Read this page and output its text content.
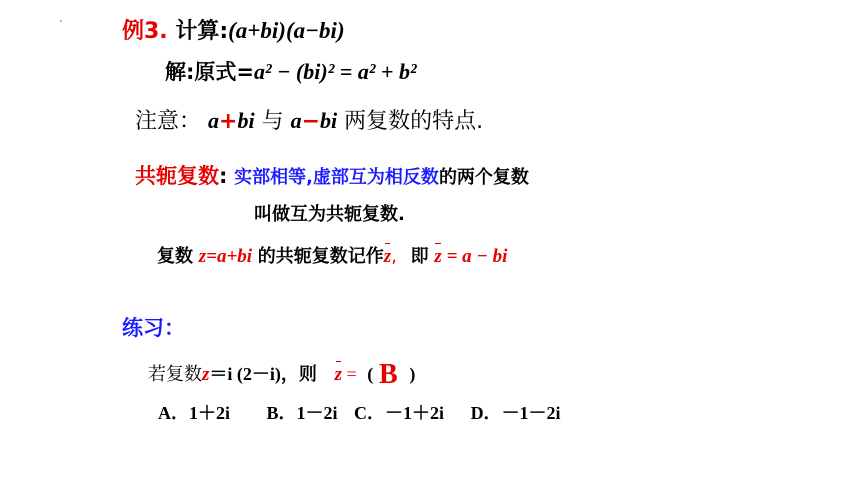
例3. 计算:(a+bi)(a−bi)
解:原式=a² − (bi)² = a² + b²
注意： a+bi 与 a−bi 两复数的特点.
共轭复数: 实部相等,虚部互为相反数的两个复数
叫做互为共轭复数.
复数 z=a+bi 的共轭复数记作z, 即 z = a − bi
练习：
若复数z＝i (2－i)，则 z = ( B )
A．1＋2i B．1－2i C．－1＋2i D．－1－2i
